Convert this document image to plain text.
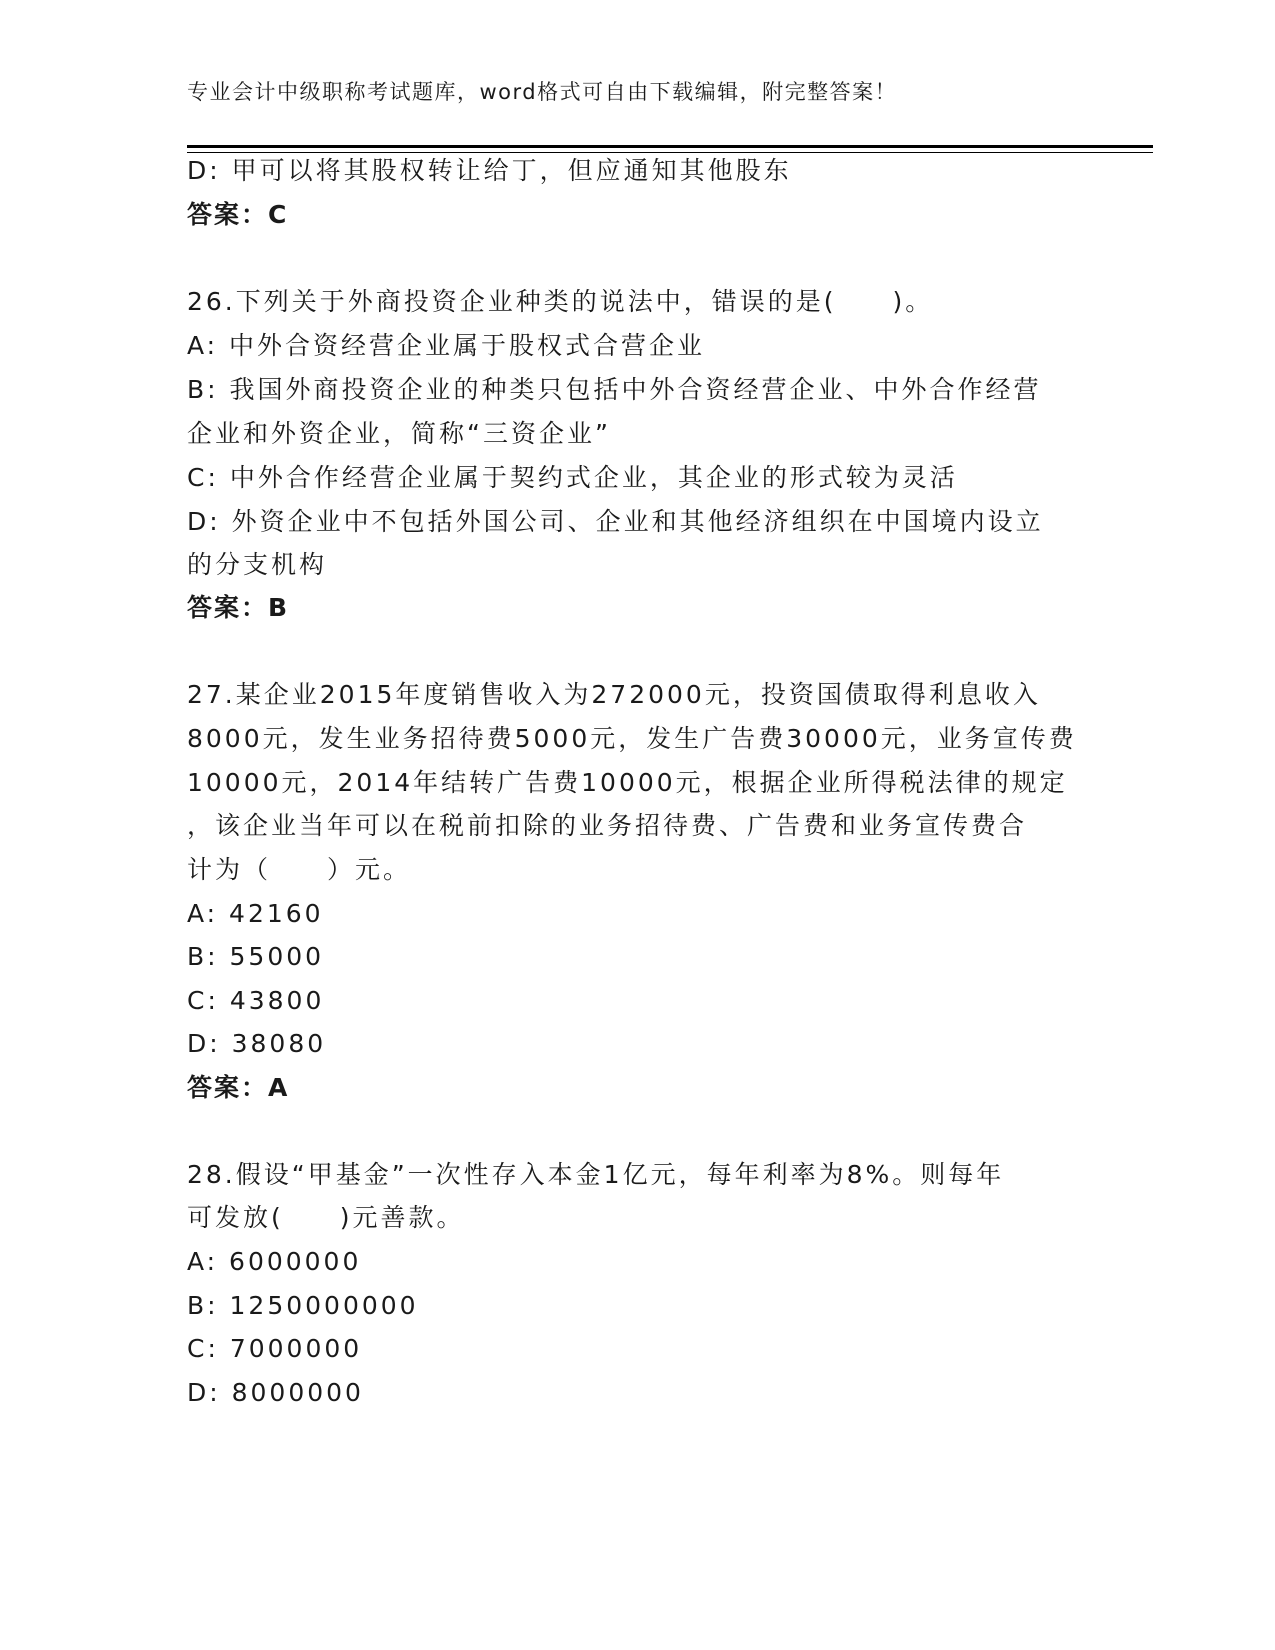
专业会计中级职称考试题库，word格式可自由下载编辑，附完整答案！
D: 甲可以将其股权转让给丁，但应通知其他股东
答案：C
26.下列关于外商投资企业种类的说法中，错误的是(　　)。
A: 中外合资经营企业属于股权式合营企业
B: 我国外商投资企业的种类只包括中外合资经营企业、中外合作经营
企业和外资企业，简称“三资企业”
C: 中外合作经营企业属于契约式企业，其企业的形式较为灵活
D: 外资企业中不包括外国公司、企业和其他经济组织在中国境内设立
的分支机构
答案：B
27.某企业2015年度销售收入为272000元，投资国债取得利息收入
8000元，发生业务招待费5000元，发生广告费30000元，业务宣传费
10000元，2014年结转广告费10000元，根据企业所得税法律的规定
，该企业当年可以在税前扣除的业务招待费、广告费和业务宣传费合
计为（　　）元。
A: 42160
B: 55000
C: 43800
D: 38080
答案：A
28.假设“甲基金”一次性存入本金1亿元，每年利率为8%。则每年
可发放(　　)元善款。
A: 6000000
B: 1250000000
C: 7000000
D: 8000000
